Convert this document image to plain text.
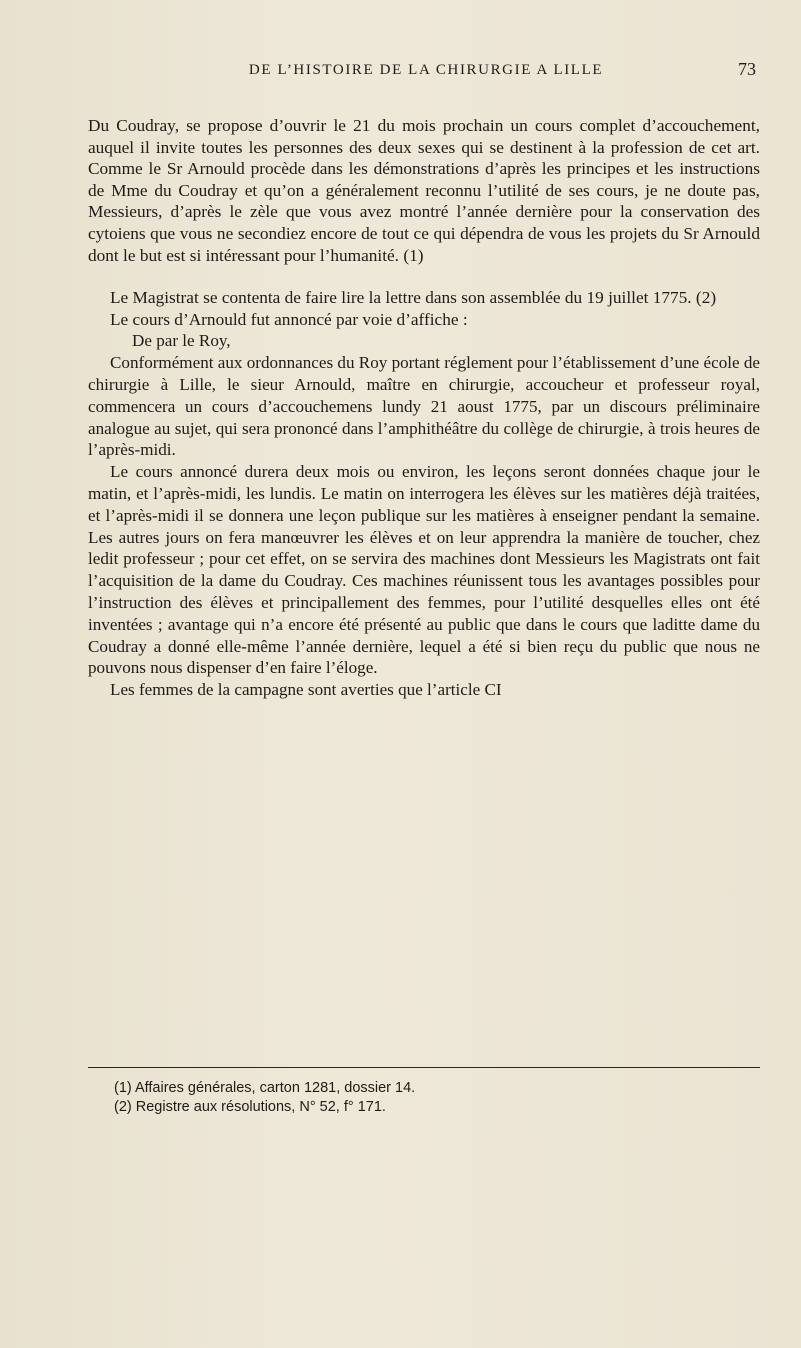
DE L’HISTOIRE DE LA CHIRURGIE A LILLE	73

Du Coudray, se propose d’ouvrir le 21 du mois prochain un cours complet d’accouchement, auquel il invite toutes les personnes des deux sexes qui se destinent à la profession de cet art. Comme le Sr Arnould procède dans les démonstrations d’après les principes et les instructions de Mme du Coudray et qu’on a généralement reconnu l’utilité de ses cours, je ne doute pas, Messieurs, d’après le zèle que vous avez montré l’année dernière pour la conservation des cytoiens que vous ne secondiez encore de tout ce qui dépendra de vous les projets du Sr Arnould dont le but est si intéressant pour l’humanité. (1)

Le Magistrat se contenta de faire lire la lettre dans son assemblée du 19 juillet 1775. (2)

Le cours d’Arnould fut annoncé par voie d’affiche :

De par le Roy,

Conformément aux ordonnances du Roy portant réglement pour l’établissement d’une école de chirurgie à Lille, le sieur Arnould, maître en chirurgie, accoucheur et professeur royal, commencera un cours d’accouchemens lundy 21 aoust 1775, par un discours préliminaire analogue au sujet, qui sera prononcé dans l’amphithéâtre du collège de chirurgie, à trois heures de l’après-midi.

Le cours annoncé durera deux mois ou environ, les leçons seront données chaque jour le matin, et l’après-midi, les lundis. Le matin on interrogera les élèves sur les matières déjà traitées, et l’après-midi il se donnera une leçon publique sur les matières à enseigner pendant la semaine. Les autres jours on fera manœuvrer les élèves et on leur apprendra la manière de toucher, chez ledit professeur ; pour cet effet, on se servira des machines dont Messieurs les Magistrats ont fait l’acquisition de la dame du Coudray. Ces machines réunissent tous les avantages possibles pour l’instruction des élèves et principallement des femmes, pour l’utilité desquelles elles ont été inventées ; avantage qui n’a encore été présenté au public que dans le cours que laditte dame du Coudray a donné elle-même l’année dernière, lequel a été si bien reçu du public que nous ne pouvons nous dispenser d’en faire l’éloge.

Les femmes de la campagne sont averties que l’article CI

(1) Affaires générales, carton 1281, dossier 14.
(2) Registre aux résolutions, N° 52, f° 171.
